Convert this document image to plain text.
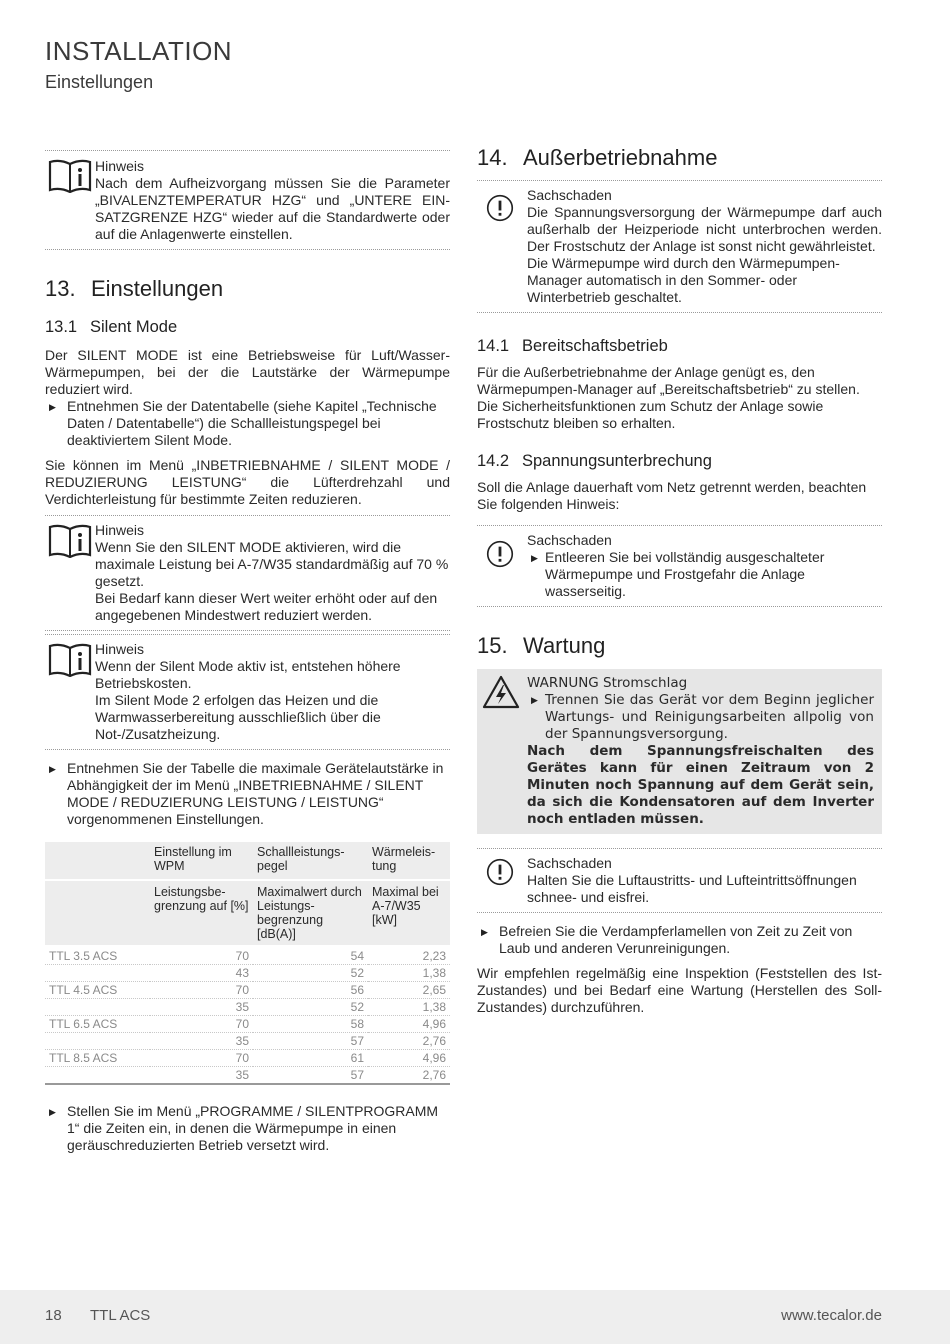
INSTALLATION
Einstellungen
Hinweis
Nach dem Aufheizvorgang müssen Sie die Parameter „BIVALENZTEMPERATUR HZG“ und „UNTERE EIN-SATZGRENZE HZG“ wieder auf die Standardwerte oder auf die Anlagenwerte einstellen.
13. Einstellungen
13.1 Silent Mode

Der SILENT MODE ist eine Betriebsweise für Luft/Wasser-Wärmepumpen, bei der die Lautstärke der Wärmepumpe reduziert wird.

▶ Entnehmen Sie der Datentabelle (siehe Kapitel „Technische Daten / Datentabelle“) die Schallleistungspegel bei deaktiviertem Silent Mode.

Sie können im Menü „INBETRIEBNAHME / SILENT MODE / REDUZIERUNG LEISTUNG“ die Lüfterdrehzahl und Verdichterleistung für bestimmte Zeiten reduzieren.

Hinweis
Wenn Sie den SILENT MODE aktivieren, wird die maximale Leistung bei A-7/W35 standardmäßig auf 70 % gesetzt.
Bei Bedarf kann dieser Wert weiter erhöht oder auf den angegebenen Mindestwert reduziert werden.
Hinweis
Wenn der Silent Mode aktiv ist, entstehen höhere Betriebskosten.
Im Silent Mode 2 erfolgen das Heizen und die Warmwasserbereitung ausschließlich über die Not-/Zusatzheizung.
▶ Entnehmen Sie der Tabelle die maximale Gerätelautstärke in Abhängigkeit der im Menü „INBETRIEBNAHME / SILENT MODE / REDUZIERUNG LEISTUNG / LEISTUNG“ vorgenommenen Einstellungen.
	Einstellung im WPM	Schallleistungs-pegel	Wärmeleis-tung
	Leistungsbe-grenzung auf [%]	Maximalwert durch Leistungs-begrenzung [dB(A)]	Maximal bei A-7/W35 [kW]
TTL 3.5 ACS	70	54	2,23
	43	52	1,38
TTL 4.5 ACS	70	56	2,65
	35	52	1,38
TTL 6.5 ACS	70	58	4,96
	35	57	2,76
TTL 8.5 ACS	70	61	4,96
	35	57	2,76
▶ Stellen Sie im Menü „PROGRAMME / SILENTPROGRAMM 1“ die Zeiten ein, in denen die Wärmepumpe in einen geräuschreduzierten Betrieb versetzt wird.
14. Außerbetriebnahme
Sachschaden
Die Spannungsversorgung der Wärmepumpe darf auch außerhalb der Heizperiode nicht unterbrochen werden. Der Frostschutz der Anlage ist sonst nicht gewährleistet.
Die Wärmepumpe wird durch den Wärmepumpen-Manager automatisch in den Sommer- oder Winterbetrieb geschaltet.
14.1 Bereitschaftsbetrieb

Für die Außerbetriebnahme der Anlage genügt es, den Wärmepumpen-Manager auf „Bereitschaftsbetrieb“ zu stellen. Die Sicherheitsfunktionen zum Schutz der Anlage sowie Frostschutz bleiben so erhalten.

14.2 Spannungsunterbrechung

Soll die Anlage dauerhaft vom Netz getrennt werden, beachten Sie folgenden Hinweis:

Sachschaden
▶ Entleeren Sie bei vollständig ausgeschalteter Wärmepumpe und Frostgefahr die Anlage wasserseitig.
15. Wartung
WARNUNG Stromschlag
▶ Trennen Sie das Gerät vor dem Beginn jeglicher Wartungs- und Reinigungsarbeiten allpolig von der Spannungsversorgung.

Nach dem Spannungsfreischalten des Gerätes kann für einen Zeitraum von 2 Minuten noch Spannung auf dem Gerät sein, da sich die Kondensatoren auf dem Inverter noch entladen müssen.

Sachschaden
Halten Sie die Luftaustritts- und Lufteintrittsöffnungen schnee- und eisfrei.
▶ Befreien Sie die Verdampferlamellen von Zeit zu Zeit von Laub und anderen Verunreinigungen.

Wir empfehlen regelmäßig eine Inspektion (Feststellen des Ist-Zustandes) und bei Bedarf eine Wartung (Herstellen des Soll-Zustandes) durchzuführen.

18 TTL ACS	www.tecalor.de
